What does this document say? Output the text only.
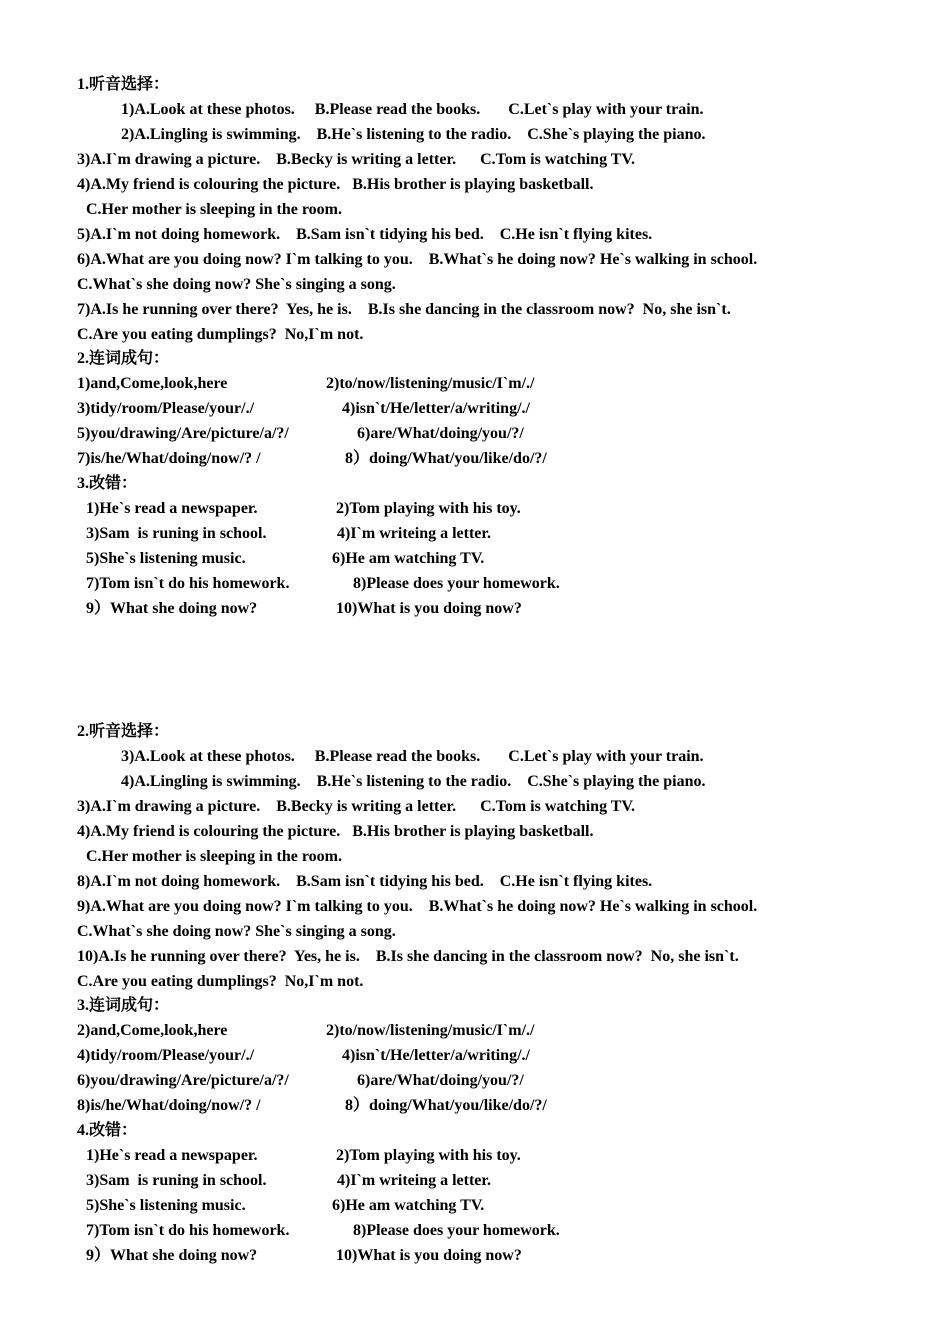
1.听音选择：
1)A.Look at these photos.     B.Please read the books.       C.Let`s play with your train.
2)A.Lingling is swimming.    B.He`s listening to the radio.    C.She`s playing the piano.
3)A.I`m drawing a picture.    B.Becky is writing a letter.      C.Tom is watching TV.
4)A.My friend is colouring the picture.   B.His brother is playing basketball.
C.Her mother is sleeping in the room.
5)A.I`m not doing homework.    B.Sam isn`t tidying his bed.    C.He isn`t flying kites.
6)A.What are you doing now? I`m talking to you.    B.What`s he doing now? He`s walking in school.
C.What`s she doing now? She`s singing a song.
7)A.Is he running over there?  Yes, he is.    B.Is she dancing in the classroom now?  No, she isn`t.
C.Are you eating dumplings?  No,I`m not.
2.连词成句：
1)and,Come,look,here	2)to/now/listening/music/I`m/./
3)tidy/room/Please/your/./	4)isn`t/He/letter/a/writing/./
5)you/drawing/Are/picture/a/?/	6)are/What/doing/you/?/
7)is/he/What/doing/now/? /	8）doing/What/you/like/do/?/
3.改错：
1)He`s read a newspaper.	2)Tom playing with his toy.
3)Sam  is runing in school.	4)I`m writeing a letter.
5)She`s listening music.	6)He am watching TV.
7)Tom isn`t do his homework.	8)Please does your homework.
9）What she doing now?	10)What is you doing now?
2.听音选择：
3)A.Look at these photos.     B.Please read the books.       C.Let`s play with your train.
4)A.Lingling is swimming.    B.He`s listening to the radio.    C.She`s playing the piano.
3)A.I`m drawing a picture.    B.Becky is writing a letter.      C.Tom is watching TV.
4)A.My friend is colouring the picture.   B.His brother is playing basketball.
C.Her mother is sleeping in the room.
8)A.I`m not doing homework.    B.Sam isn`t tidying his bed.    C.He isn`t flying kites.
9)A.What are you doing now? I`m talking to you.    B.What`s he doing now? He`s walking in school.
C.What`s she doing now? She`s singing a song.
10)A.Is he running over there?  Yes, he is.    B.Is she dancing in the classroom now?  No, she isn`t.
C.Are you eating dumplings?  No,I`m not.
3.连词成句：
2)and,Come,look,here	2)to/now/listening/music/I`m/./
4)tidy/room/Please/your/./	4)isn`t/He/letter/a/writing/./
6)you/drawing/Are/picture/a/?/	6)are/What/doing/you/?/
8)is/he/What/doing/now/? /	8）doing/What/you/like/do/?/
4.改错：
1)He`s read a newspaper.	2)Tom playing with his toy.
3)Sam  is runing in school.	4)I`m writeing a letter.
5)She`s listening music.	6)He am watching TV.
7)Tom isn`t do his homework.	8)Please does your homework.
9）What she doing now?	10)What is you doing now?
